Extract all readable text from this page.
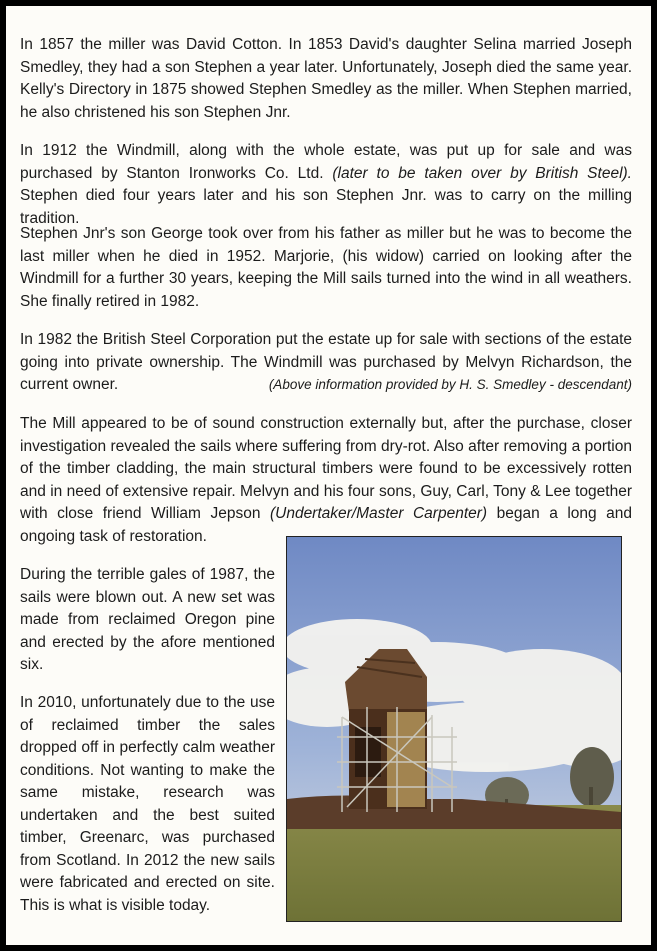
In 1857 the miller was David Cotton. In 1853 David's daughter Selina married Joseph Smedley, they had a son Stephen a year later. Unfortunately, Joseph died the same year. Kelly's Directory in 1875 showed Stephen Smedley as the miller. When Stephen married, he also christened his son Stephen Jnr.

In 1912 the Windmill, along with the whole estate, was put up for sale and was purchased by Stanton Ironworks Co. Ltd. (later to be taken over by British Steel). Stephen died four years later and his son Stephen Jnr. was to carry on the milling tradition.

Stephen Jnr's son George took over from his father as miller but he was to become the last miller when he died in 1952. Marjorie, (his widow) carried on looking after the Windmill for a further 30 years, keeping the Mill sails turned into the wind in all weathers. She finally retired in 1982.

In 1982 the British Steel Corporation put the estate up for sale with sections of the estate going into private ownership. The Windmill was purchased by Melvyn Richardson, the current owner.	(Above information provided by H. S. Smedley - descendant)

The Mill appeared to be of sound construction externally but, after the purchase, closer investigation revealed the sails where suffering from dry-rot. Also after removing a portion of the timber cladding, the main structural timbers were found to be excessively rotten and in need of extensive repair. Melvyn and his four sons, Guy, Carl, Tony & Lee together with close friend William Jepson (Undertaker/Master Carpenter) began a long and ongoing task of restoration.

During the terrible gales of 1987, the sails were blown out. A new set was made from reclaimed Oregon pine and erected by the afore mentioned six.

In 2010, unfortunately due to the use of reclaimed timber the sales dropped off in perfectly calm weather conditions. Not wanting to make the same mistake, research was undertaken and the best suited timber, Greenarc, was purchased from Scotland. In 2012 the new sails were fabricated and erected on site. This is what is visible today.
